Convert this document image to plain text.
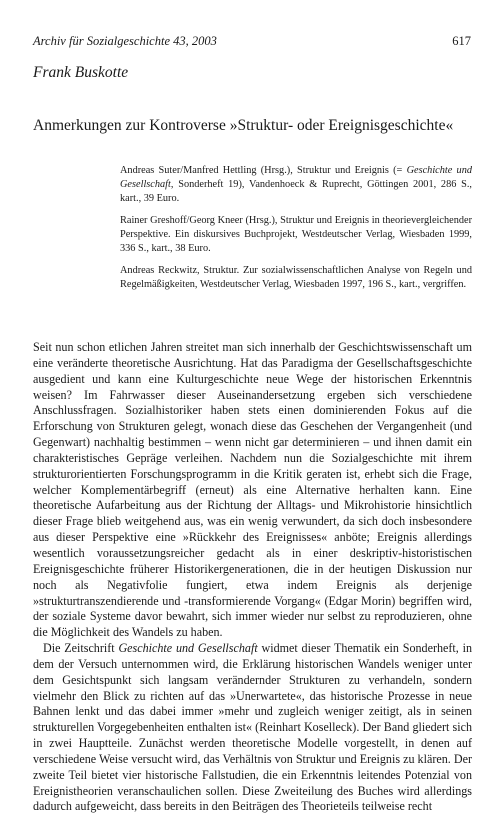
Archiv für Sozialgeschichte 43, 2003	617
Frank Buskotte
Anmerkungen zur Kontroverse »Struktur- oder Ereignisgeschichte«

Andreas Suter/Manfred Hettling (Hrsg.), Struktur und Ereignis (= Geschichte und Gesellschaft, Sonderheft 19), Vandenhoeck & Ruprecht, Göttingen 2001, 286 S., kart., 39 Euro.

Rainer Greshoff/Georg Kneer (Hrsg.), Struktur und Ereignis in theorievergleichender Perspektive. Ein diskursives Buchprojekt, Westdeutscher Verlag, Wiesbaden 1999, 336 S., kart., 38 Euro.

Andreas Reckwitz, Struktur. Zur sozialwissenschaftlichen Analyse von Regeln und Regelmäßigkeiten, Westdeutscher Verlag, Wiesbaden 1997, 196 S., kart., vergriffen.

Seit nun schon etlichen Jahren streitet man sich innerhalb der Geschichtswissenschaft um eine veränderte theoretische Ausrichtung. Hat das Paradigma der Gesellschaftsgeschichte ausgedient und kann eine Kulturgeschichte neue Wege der historischen Erkenntnis weisen? Im Fahrwasser dieser Auseinandersetzung ergeben sich verschiedene Anschlussfragen. Sozialhistoriker haben stets einen dominierenden Fokus auf die Erforschung von Strukturen gelegt, wonach diese das Geschehen der Vergangenheit (und Gegenwart) nachhaltig bestimmen – wenn nicht gar determinieren – und ihnen damit ein charakteristisches Gepräge verleihen. Nachdem nun die Sozialgeschichte mit ihrem strukturorientierten Forschungsprogramm in die Kritik geraten ist, erhebt sich die Frage, welcher Komplementärbegriff (erneut) als eine Alternative herhalten kann. Eine theoretische Aufarbeitung aus der Richtung der Alltags- und Mikrohistorie hinsichtlich dieser Frage blieb weitgehend aus, was ein wenig verwundert, da sich doch insbesondere aus dieser Perspektive eine »Rückkehr des Ereignisses« anböte; Ereignis allerdings wesentlich voraussetzungsreicher gedacht als in einer deskriptiv-historistischen Ereignisgeschichte früherer Historikergenerationen, die in der heutigen Diskussion nur noch als Negativfolie fungiert, etwa indem Ereignis als derjenige »strukturtranszendierende und -transformierende Vorgang« (Edgar Morin) begriffen wird, der soziale Systeme davor bewahrt, sich immer wieder nur selbst zu reproduzieren, ohne die Möglichkeit des Wandels zu haben.

Die Zeitschrift Geschichte und Gesellschaft widmet dieser Thematik ein Sonderheft, in dem der Versuch unternommen wird, die Erklärung historischen Wandels weniger unter dem Gesichtspunkt sich langsam verändernder Strukturen zu verhandeln, sondern vielmehr den Blick zu richten auf das »Unerwartete«, das historische Prozesse in neue Bahnen lenkt und das dabei immer »mehr und zugleich weniger zeitigt, als in seinen strukturellen Vorgegebenheiten enthalten ist« (Reinhart Koselleck). Der Band gliedert sich in zwei Hauptteile. Zunächst werden theoretische Modelle vorgestellt, in denen auf verschiedene Weise versucht wird, das Verhältnis von Struktur und Ereignis zu klären. Der zweite Teil bietet vier historische Fallstudien, die ein Erkenntnis leitendes Potenzial von Ereignistheorien veranschaulichen sollen. Diese Zweiteilung des Buches wird allerdings dadurch aufgeweicht, dass bereits in den Beiträgen des Theorieteils teilweise recht
